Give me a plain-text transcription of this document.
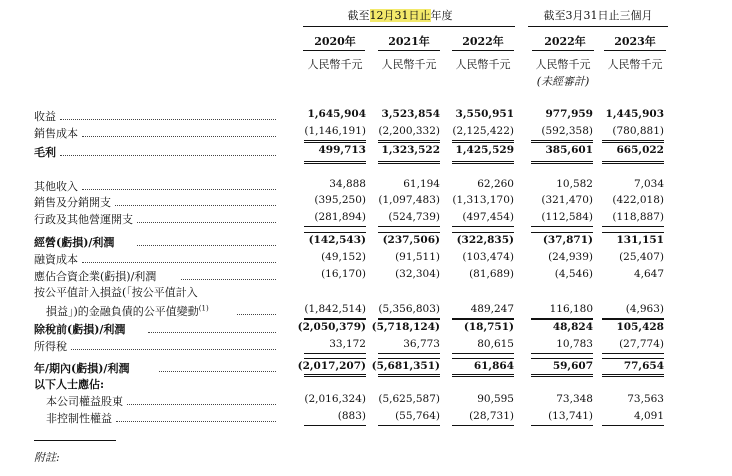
截至12月31日止年度	截至3月31日止三個月
2020年	2021年	2022年	2022年	2023年
人民幣千元	人民幣千元	人民幣千元	人民幣千元	人民幣千元
(未經審計)
收益	1,645,904	3,523,854	3,550,951	977,959	1,445,903
銷售成本	(1,146,191)	(2,200,332)	(2,125,422)	(592,358)	(780,881)
毛利	499,713	1,323,522	1,425,529	385,601	665,022
其他收入	34,888	61,194	62,260	10,582	7,034
銷售及分銷開支	(395,250)	(1,097,483)	(1,313,170)	(321,470)	(422,018)
行政及其他營運開支	(281,894)	(524,739)	(497,454)	(112,584)	(118,887)
經營(虧損)/利潤	(142,543)	(237,506)	(322,835)	(37,871)	131,151
融資成本	(49,152)	(91,511)	(103,474)	(24,939)	(25,407)
應佔合資企業(虧損)/利潤	(16,170)	(32,304)	(81,689)	(4,546)	4,647
按公平值計入損益(「按公平值計入
損益」)的金融負債的公平值變動$^{(1)}$	(1,842,514)	(5,356,803)	489,247	116,180	(4,963)
除稅前(虧損)/利潤	(2,050,379) (5,718,124)	(18,751)	48,824	105,428
所得稅	33,172	36,773	80,615	10,783	(27,774)
年/期內(虧損)/利潤	(2,017,207) (5,681,351)	61,864	59,607	77,654
以下人士應佔:
本公司權益股東	(2,016,324)	(5,625,587)	90,595	73,348	73,563
非控制性權益	(883)	(55,764)	(28,731)	(13,741)	4,091
附註:
